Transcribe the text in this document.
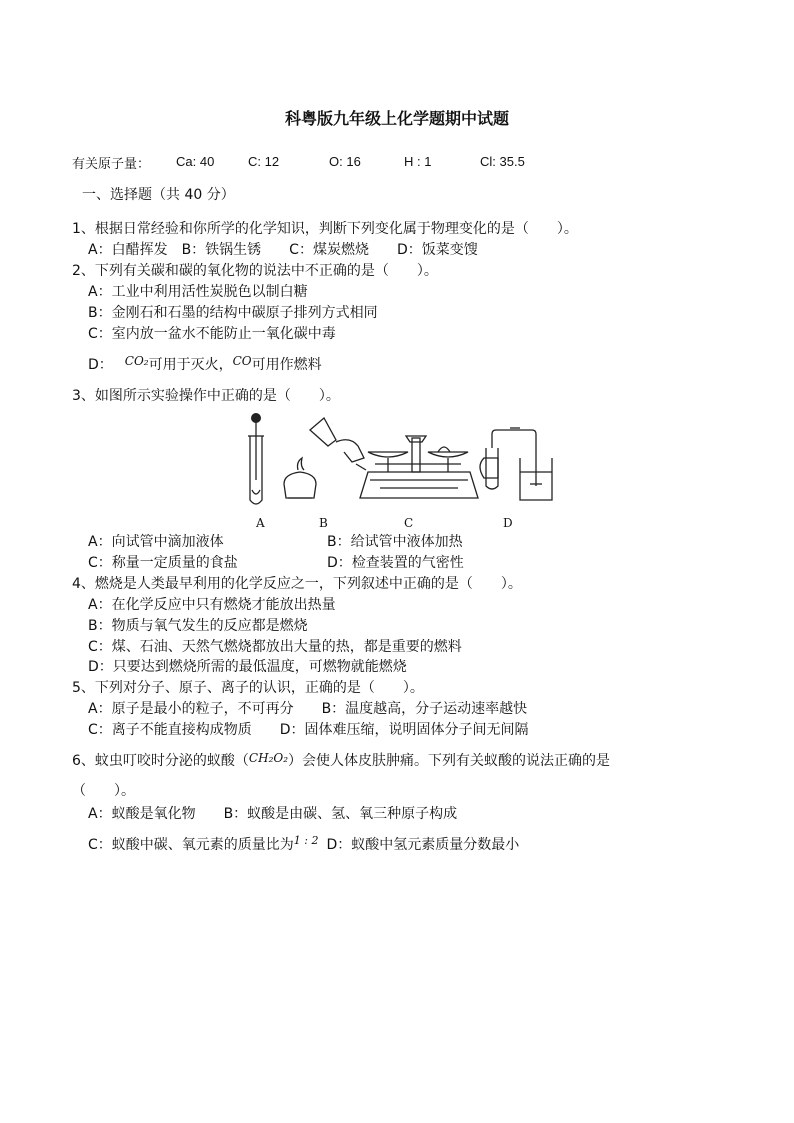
科粤版九年级上化学题期中试题
有关原子量： Ca: 40	C: 12	O: 16	H : 1	Cl: 35.5
一、选择题（共 40 分）
1、根据日常经验和你所学的化学知识，判断下列变化属于物理变化的是（　　）。
A：白醋挥发　B：铁锅生锈　　C：煤炭燃烧　　D：饭菜变馊
2、下列有关碳和碳的氧化物的说法中不正确的是（　　）。
A：工业中利用活性炭脱色以制白糖
B：金刚石和石墨的结构中碳原子排列方式相同
C：室内放一盆水不能防止一氧化碳中毒
D： CO₂可用于灭火，CO可用作燃料
3、如图所示实验操作中正确的是（　　）。
A	B	C	D
A：向试管中滴加液体	B：给试管中液体加热
C：称量一定质量的食盐	D：检查装置的气密性
4、燃烧是人类最早利用的化学反应之一，下列叙述中正确的是（　　）。
A：在化学反应中只有燃烧才能放出热量
B：物质与氧气发生的反应都是燃烧
C：煤、石油、天然气燃烧都放出大量的热，都是重要的燃料
D：只要达到燃烧所需的最低温度，可燃物就能燃烧
5、下列对分子、原子、离子的认识，正确的是（　　）。
A：原子是最小的粒子，不可再分　　B：温度越高，分子运动速率越快
C：离子不能直接构成物质　　D：固体难压缩，说明固体分子间无间隔
6、蚊虫叮咬时分泌的蚁酸（CH₂O₂）会使人体皮肤肿痛。下列有关蚁酸的说法正确的是
（　　）。
A：蚁酸是氧化物　　B：蚁酸是由碳、氢、氧三种原子构成
C：蚁酸中碳、氧元素的质量比为$^{1 : 2}$ D：蚁酸中氢元素质量分数最小
